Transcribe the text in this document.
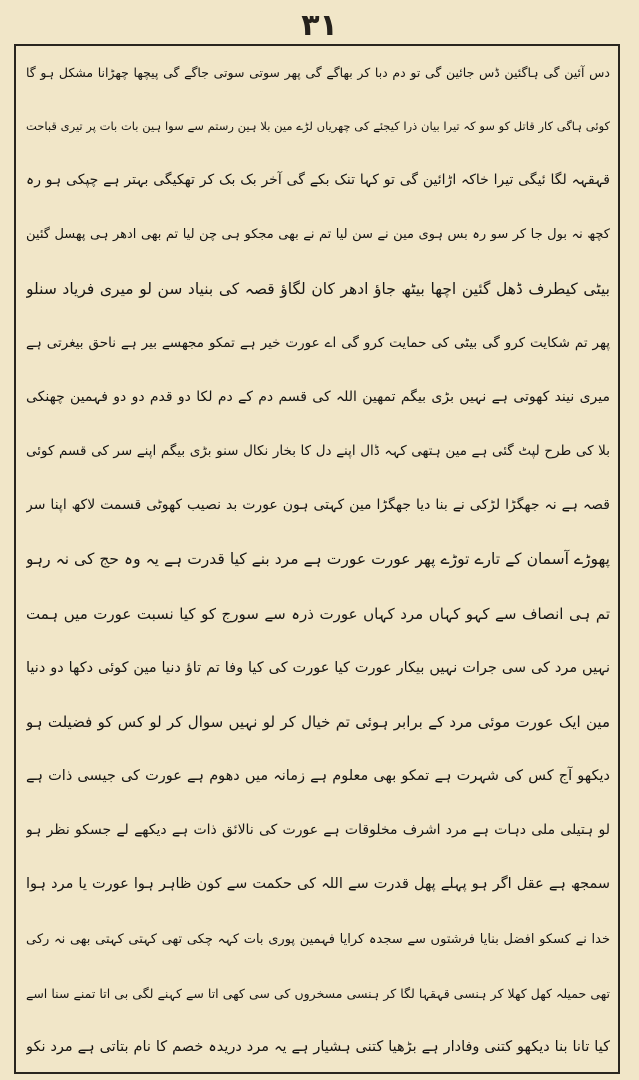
۳۱
دس آئین گی ہاگئین ڈس جائین گی تو دم دبا کر بھاگے گی پھر سوتی سوتی جاگے گی پیچھا چھڑانا مشکل ہو گا
کوئی ہاگی کار قاتل کو سو کہ تیرا بیان ذرا کیجئے کی چھریاں لڑے مین بلا ہین رستم سے سوا ہین بات بات پر تیری قباحت
قہقہہ لگا ئیگی تیرا خاکہ اڑائین گی تو کہا تنک بکے گی آخر بک بک کر تھکیگی بہتر ہے چپکی ہو رہ
کچھ نہ بول جا کر سو رہ بس ہوی مین نے سن لیا تم نے بھی مجکو ہی چن لیا تم بھی ادھر ہی پھسل گئین
بیٹی کیطرف ڈھل گئین اچھا بیٹھ جاؤ ادھر کان لگاؤ قصہ کی بنیاد سن لو میری فریاد سنلو
پھر تم شکایت کرو گی بیٹی کی حمایت کرو گی اے عورت خیر ہے تمکو مجھسے بیر ہے ناحق بیغرتی ہے
میری نیند کھوتی ہے نہیں بڑی بیگم تمھین اللہ کی قسم دم کے دم لکا دو قدم دو دو فہمین چھنکی
بلا کی طرح لپٹ گئی ہے مین ہتھی کہہ ڈال اپنے دل کا بخار نکال سنو بڑی بیگم اپنے سر کی قسم کوئی
قصہ ہے نہ جھگڑا لڑکی نے بنا دیا جھگڑا مین کہتی ہون عورت بد نصیب کھوٹی قسمت لاکھ اپنا سر
پھوڑے آسمان کے تارے توڑے پھر عورت عورت ہے مرد بنے کیا قدرت ہے یہ وہ حج کی نہ رہو
تم ہی انصاف سے کہو کہاں مرد کہاں عورت ذرہ سے سورج کو کیا نسبت عورت میں ہمت
نہیں مرد کی سی جرات نہیں بیکار عورت کیا عورت کی کیا وفا تم تاؤ دنیا مین کوئی دکھا دو دنیا
مین ایک عورت موئی مرد کے برابر ہوئی تم خیال کر لو نہیں سوال کر لو کس کو فضیلت ہو
دیکھو آج کس کی شہرت ہے تمکو بھی معلوم ہے زمانہ میں دھوم ہے عورت کی جیسی ذات ہے
لو ہتیلی ملی دہات ہے مرد اشرف مخلوقات ہے عورت کی نالائق ذات ہے دیکھے لے جسکو نظر ہو
سمجھ ہے عقل اگر ہو پہلے پھل قدرت سے اللہ کی حکمت سے کون ظاہر ہوا عورت یا مرد ہوا
خدا نے کسکو افضل بنایا فرشتوں سے سجدہ کرایا فہمین پوری بات کہہ چکی تھی کہتی کہتی بھی نہ رکی
تھی حمیلہ کھل کھلا کر ہنسی قہقہا لگا کر ہنسی مسخروں کی سی کھی اتا سے کہنے لگی بی اتا تمنے سنا اسے
کیا تانا بنا دیکھو کتنی وفادار ہے بڑھیا کتنی ہشیار ہے یہ مرد دریدہ خصم کا نام بتاتی ہے مرد نکو
